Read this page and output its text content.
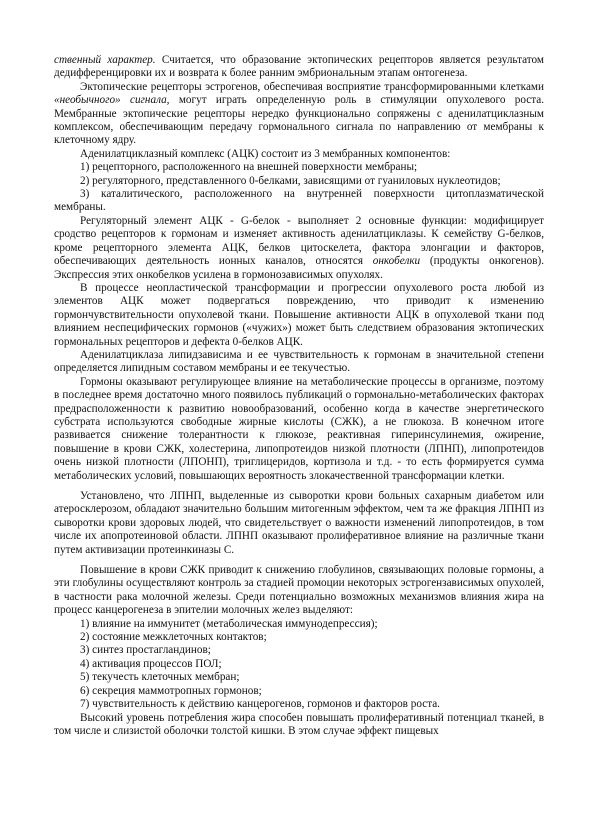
ственный характер. Считается, что образование эктопических рецепторов является результатом дедифференцировки их и возврата к более ранним эмбриональным этапам онтогенеза.

Эктопические рецепторы эстрогенов, обеспечивая восприятие трансформированными клетками «необычного» сигнала, могут играть определенную роль в стимуляции опухолевого роста. Мембранные эктопические рецепторы нередко функционально сопряжены с аденилатциклазным комплексом, обеспечивающим передачу гормонального сигнала по направлению от мембраны к клеточному ядру.

Аденилатциклазный комплекс (АЦК) состоит из 3 мембранных компонентов:

1) рецепторного, расположенного на внешней поверхности мембраны;

2) регуляторного, представленного 0-белками, зависящими от гуаниловых нуклеотидов;

3) каталитического, расположенного на внутренней поверхности цитоплазматической мембраны.

Регуляторный элемент АЦК - G-белок - выполняет 2 основные функции: модифицирует сродство рецепторов к гормонам и изменяет активность аденилатциклазы. К семейству G-белков, кроме рецепторного элемента АЦК, белков цитоскелета, фактора элонгации и факторов, обеспечивающих деятельность ионных каналов, относятся онкобелки (продукты онкогенов). Экспрессия этих онкобелков усилена в гормонозависимых опухолях.

В процессе неопластической трансформации и прогрессии опухолевого роста любой из элементов АЦК может подвергаться повреждению, что приводит к изменению гормончувствительности опухолевой ткани. Повышение активности АЦК в опухолевой ткани под влиянием неспецифических гормонов («чужих») может быть следствием образования эктопических гормональных рецепторов и дефекта 0-белков АЦК.

Аденилатциклаза липидзависима и ее чувствительность к гормонам в значительной степени определяется липидным составом мембраны и ее текучестью.

Гормоны оказывают регулирующее влияние на метаболические процессы в организме, поэтому в последнее время достаточно много появилось публикаций о гормонально-метаболических факторах предрасположенности к развитию новообразований, особенно когда в качестве энергетического субстрата используются свободные жирные кислоты (СЖК), а не глюкоза. В конечном итоге развивается снижение толерантности к глюкозе, реактивная гиперинсулинемия, ожирение, повышение в крови СЖК, холестерина, липопротеидов низкой плотности (ЛПНП), липопротеидов очень низкой плотности (ЛПОНП), триглицеридов, кортизола и т.д. - то есть формируется сумма метаболических условий, повышающих вероятность злокачественной трансформации клетки.

Установлено, что ЛПНП, выделенные из сыворотки крови больных сахарным диабетом или атеросклерозом, обладают значительно большим митогенным эффектом, чем та же фракция ЛПНП из сыворотки крови здоровых людей, что свидетельствует о важности изменений липопротеидов, в том числе их апопротеиновой области. ЛПНП оказывают пролиферативное влияние на различные ткани путем активизации протеинкиназы С.

Повышение в крови СЖК приводит к снижению глобулинов, связывающих половые гормоны, а эти глобулины осуществляют контроль за стадией промоции некоторых эстрогензависимых опухолей, в частности рака молочной железы. Среди потенциально возможных механизмов влияния жира на процесс канцерогенеза в эпителии молочных желез выделяют:

1) влияние на иммунитет (метаболическая иммунодепрессия);

2) состояние межклеточных контактов;

3) синтез простагландинов;

4) активация процессов ПОЛ;

5) текучесть клеточных мембран;

6) секреция маммотропных гормонов;

7) чувствительность к действию канцерогенов, гормонов и факторов роста.

Высокий уровень потребления жира способен повышать пролиферативный потенциал тканей, в том числе и слизистой оболочки толстой кишки. В этом случае эффект пищевых
